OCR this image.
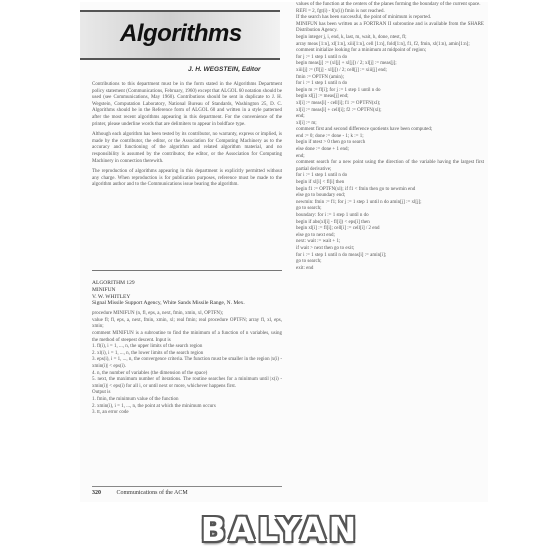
Algorithms
J. H. WEGSTEIN, Editor

Contributions to this department must be in the form stated in the Algorithms Department policy statement (Communications, February, 1960) except that ALGOL 60 notation should be used (see Communications, May 1960). Contributions should be sent in duplicate to J. H. Wegstein, Computation Laboratory, National Bureau of Standards, Washington 25, D. C. Algorithms should be in the Reference form of ALGOL 60 and written in a style patterned after the most recent algorithms appearing in this department. For the convenience of the printer, please underline words that are delimiters to appear in boldface type.

Although each algorithm has been tested by its contributor, no warranty, express or implied, is made by the contributor, the editor, or the Association for Computing Machinery as to the accuracy and functioning of the algorithm and related algorithm material, and no responsibility is assumed by the contributor, the editor, or the Association for Computing Machinery in connection therewith.

The reproduction of algorithms appearing in this department is explicitly permitted without any charge. When reproduction is for publication purposes, reference must be made to the algorithm author and to the Communications issue bearing the algorithm.

ALGORITHM 129
MINIFUN
V. W. WHITLEY
Signal Missile Support Agency, White Sands Missile Range, N. Mex.
procedure MINIFUN (n, fl, eps, a, next, fmin, xmin, xl, OPTFN);
value fl; fl, eps, a, next, fmin, xmin, xl; real fmin; real procedure OPTFN; array fl, xl, eps, xmin;
comment MINIFUN is a subroutine to find the minimum of a function of n variables, using the method of steepest descent. Input is
1. fl(i), i = 1, ..., n, the upper limits of the search region
2. xl(i), i = 1, ..., n, the lower limits of the search region
3. eps(i), i = 1, ..., n, the convergence criteria. The function must be smaller in the region |x(i) - xmin(i)| < eps(i).
4. n, the number of variables (the dimension of the space)
5. next, the maximum number of iterations. The routine searches for a minimum until |x(i) - xmin(i)| < eps(i) for all i, or until next or more, whichever happens first.
Output is
1. fmin, the minimum value of the function
2. xmin(i), i = 1, ..., n, the point at which the minimum occurs
3. tt, an error code
values of the function at the centers of the planes forming the boundary of the current space.
REFI = 2, fgt(i) - f(x(i)) fmin is not reached.
If the search has been successful, the point of minimum is reported.
MINIFUN has been written as a FORTRAN II subroutine and is available from the SHARE Distribution Agency.
begin integer j, i, end, k, last, m, wait, h, done, ntest, fl;
array meas [1:n], xl[1:n], xiii[1:n], cell [1:n], fold[1:n], f1, f2, fmin, xl(1:n), amin[1:n];
comment initialize looking for a minimum at midpoint of region;
for j := 1 step 1 until n do
begin meas[j] := (xl[j] + xl[j]) / 2; xl[j] := meas[j];
xiii[j] := (fl[j] - xl[j]) / 2; cell[j] := xiii[j] end;
fmin := OPTFN (amin);
for i := 1 step 1 until n do
begin m := fl[i]; for j := 1 step 1 until n do
begin xl[j] := meas[j] end;
xl[i] := meas[i] - cell[i]; f1 := OPTFN(xl);
xl[i] := meas[i] + cell[i]; f2 := OPTFN(xl);
end;
xl[i] := m;
comment first and second difference quotients have been computed;
end := 0; done := done - 1; k := 1;
begin if ntest > 0 then go to search
else done := done + 1 end;
end;
comment search for a new point using the direction of the variable having the largest first partial derivative;
for i := 1 step 1 until n do
begin if xl[i] < fl[i] then
begin f1 := OPTFN(xl); if f1 < fmin then go to newmin end
else go to boundary end;
newmin: fmin := f1; for j := 1 step 1 until n do amin[j] := xl[j];
go to search;
boundary: for i := 1 step 1 until n do
begin if abs(xl[i] - fl[i]) < eps[i] then
begin xl[i] := fl[i]; cell[i] := cell[i] / 2 end
else go to next end;
next: wait := wait + 1;
if wait > next then go to exit;
for i := 1 step 1 until n do meas[i] := amin[i];
go to search;
exit: end
320	Communications of the ACM
BALYAN
